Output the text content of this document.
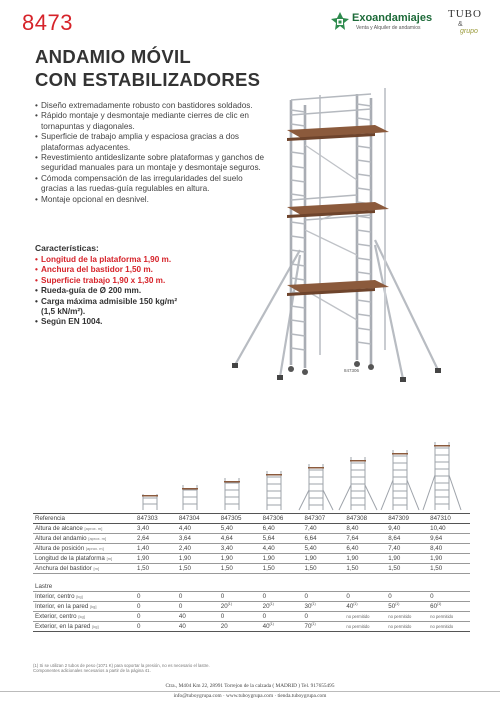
8473	Exoandamiajes
Venta y Alquiler de andamios
TUBO
&
grupo
ANDAMIO MÓVIL
CON ESTABILIZADORES
• Diseño extremadamente robusto con bastidores soldados.
• Rápido montaje y desmontaje mediante cierres de clic en tornapuntas y diagonales.
• Superficie de trabajo amplia y espaciosa gracias a dos plataformas adyacentes.
• Revestimiento antideslizante sobre plataformas y ganchos de seguridad manuales para un montaje y desmontaje seguros.
• Cómoda compensación de las irregularidades del suelo gracias a las ruedas-guía regulables en altura.
• Montaje opcional en desnivel.
Características:
• Longitud de la plataforma 1,90 m.
• Anchura del bastidor 1,50 m.
• Superficie trabajo 1,90 x 1,30 m.
• Rueda-guía de Ø 200 mm.
• Carga máxima admisible 150 kg/m²
(1,5 kN/m²).
• Según EN 1004.
847306
Referencia	847303	847304	847305	847306	847307	847308	847309	847310
Altura de alcance [aprox. m]	3,40	4,40	5,40	6,40	7,40	8,40	9,40	10,40
Altura del andamio [aprox. m]	2,64	3,64	4,64	5,64	6,64	7,64	8,64	9,64
Altura de posición [aprox. m]	1,40	2,40	3,40	4,40	5,40	6,40	7,40	8,40
Longitud de la plataforma [m]	1,90	1,90	1,90	1,90	1,90	1,90	1,90	1,90
Anchura del bastidor [m]	1,50	1,50	1,50	1,50	1,50	1,50	1,50	1,50

Lastre								
Interior, centro [kg]	0	0	0	0	0	0	0	0
Interior, en la pared [kg]	0	0	20$^{(1)}$	20$^{(1)}$	30$^{(1)}$	40$^{(1)}$	50$^{(1)}$	60$^{(1)}$
Exterior, centro [kg]	0	40	0	0	0	no permitido	no permitido	no permitido
Exterior, en la pared [kg]	0	40	20	40$^{(1)}$	70$^{(1)}$	no permitido	no permitido	no permitido
(1) Si se utilizan 2 tubos de peso (1071 K) para soportar la presión, no es necesario el lastre.
Componentes adicionales necesarios a partir de la página 41.
Ctra., M404 Km 22, 28991 Torrejon de la calzada ( MADRID ) Tel. 917655495
info@tuboygrupa.com · www.tuboygrupa.com · tienda.tuboygrupa.com
